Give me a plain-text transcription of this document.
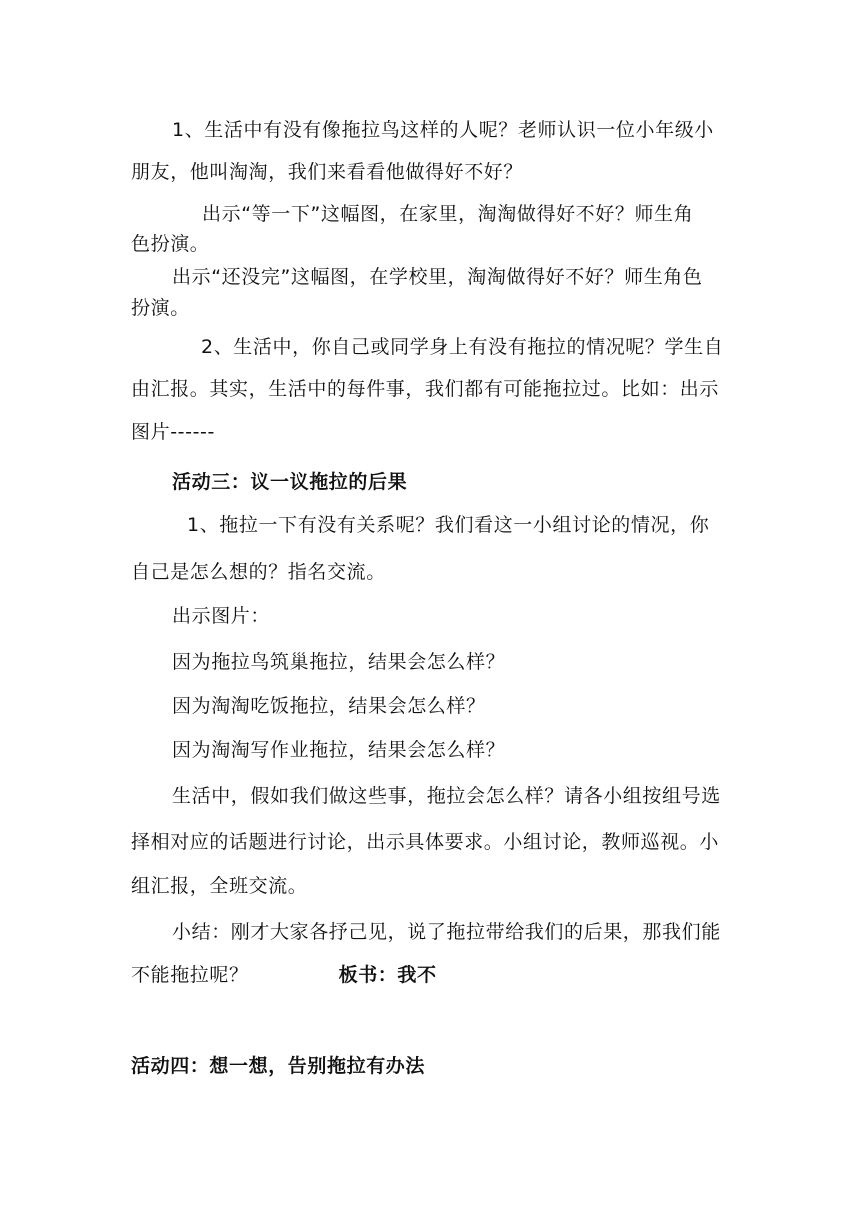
1、生活中有没有像拖拉鸟这样的人呢？老师认识一位小年级小
朋友，他叫淘淘，我们来看看他做得好不好？
出示“等一下”这幅图，在家里，淘淘做得好不好？师生角
色扮演。
出示“还没完”这幅图，在学校里，淘淘做得好不好？师生角色
扮演。
2、生活中，你自己或同学身上有没有拖拉的情况呢？学生自
由汇报。其实，生活中的每件事，我们都有可能拖拉过。比如：出示
图片------
活动三：议一议拖拉的后果
1、拖拉一下有没有关系呢？我们看这一小组讨论的情况，你
自己是怎么想的？指名交流。
出示图片：
因为拖拉鸟筑巢拖拉，结果会怎么样？
因为淘淘吃饭拖拉，结果会怎么样？
因为淘淘写作业拖拉，结果会怎么样？
生活中，假如我们做这些事，拖拉会怎么样？请各小组按组号选
择相对应的话题进行讨论，出示具体要求。小组讨论，教师巡视。小
组汇报，全班交流。
小结：刚才大家各抒己见，说了拖拉带给我们的后果，那我们能
不能拖拉呢？	板书：我不
活动四：想一想，告别拖拉有办法
